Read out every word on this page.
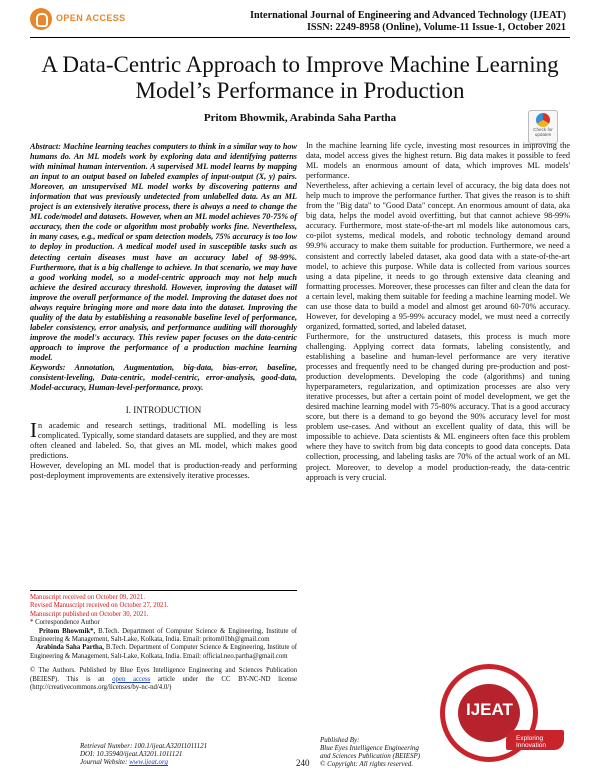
OPEN ACCESS	International Journal of Engineering and Advanced Technology (IJEAT)
ISSN: 2249-8958 (Online), Volume-11 Issue-1, October 2021
A Data-Centric Approach to Improve Machine Learning Model’s Performance in Production
Pritom Bhowmik, Arabinda Saha Partha
Check for updates
Abstract: Machine learning teaches computers to think in a similar way to how humans do. An ML models work by exploring data and identifying patterns with minimal human intervention. A supervised ML model learns by mapping an input to an output based on labeled examples of input-output (X, y) pairs. Moreover, an unsupervised ML model works by discovering patterns and information that was previously undetected from unlabelled data. As an ML project is an extensively iterative process, there is always a need to change the ML code/model and datasets. However, when an ML model achieves 70-75% of accuracy, then the code or algorithm most probably works fine. Nevertheless, in many cases, e.g., medical or spam detection models, 75% accuracy is too low to deploy in production. A medical model used in susceptible tasks such as detecting certain diseases must have an accuracy label of 98-99%. Furthermore, that is a big challenge to achieve. In that scenario, we may have a good working model, so a model-centric approach may not help much achieve the desired accuracy threshold. However, improving the dataset will improve the overall performance of the model. Improving the dataset does not always require bringing more and more data into the dataset. Improving the quality of the data by establishing a reasonable baseline level of performance, labeler consistency, error analysis, and performance auditing will thoroughly improve the model's accuracy. This review paper focuses on the data-centric approach to improve the performance of a production machine learning model.
Keywords: Annotation, Augmentation, big-data, bias-error, baseline, consistent-leveling, Data-centric, model-centric, error-analysis, good-data, Model-accuracy, Human-level-performance, proxy.
I. INTRODUCTION

In academic and research settings, traditional ML modelling is less complicated. Typically, some standard datasets are supplied, and they are most often cleaned and labeled. So, that gives an ML model, which makes good predictions.

However, developing an ML model that is production-ready and performing post-deployment improvements are extensively iterative processes.

Manuscript received on October 09, 2021.

Revised Manuscript received on October 27, 2021.

Manuscript published on October 30, 2021.

* Correspondence Author

Pritom Bhowmik*, B.Tech. Department of Computer Science & Engineering, Institute of Engineering & Management, Salt-Lake, Kolkata, India. Email: pritom01bh@gmail.com

Arabinda Saha Partha, B.Tech. Department of Computer Science & Engineering, Institute of Engineering & Management, Salt-Lake, Kolkata, India. Email: official.neo.partha@gmail.com

© The Authors. Published by Blue Eyes Intelligence Engineering and Sciences Publication (BEIESP). This is an open access article under the CC BY-NC-ND license (http://creativecommons.org/licenses/by-nc-nd/4.0/)

In the machine learning life cycle, investing most resources in improving the data, model access gives the highest return. Big data makes it possible to feed ML models an enormous amount of data, which improves ML models' performance.

Nevertheless, after achieving a certain level of accuracy, the big data does not help much to improve the performance further. That gives the reason is to shift from the "Big data" to "Good Data" concept. An enormous amount of data, aka big data, helps the model avoid overfitting, but that cannot achieve 98-99% accuracy. Furthermore, most state-of-the-art ml models like autonomous cars, co-pilot systems, medical models, and robotic technology demand around 99.9% accuracy to make them suitable for production. Furthermore, we need a consistent and correctly labeled dataset, aka good data with a state-of-the-art model, to achieve this purpose. While data is collected from various sources using a data pipeline, it needs to go through extensive data cleaning and formatting processes. Moreover, these processes can filter and clean the data for a certain level, making them suitable for feeding a machine learning model. We can use those data to build a model and almost get around 60-70% accuracy. However, for developing a 95-99% accuracy model, we must need a correctly organized, formatted, sorted, and labeled dataset.

Furthermore, for the unstructured datasets, this process is much more challenging. Applying correct data formats, labeling consistently, and establishing a baseline and human-level performance are very iterative processes and frequently need to be changed during pre-production and post-production developments. Developing the code (algorithms) and tuning hyperparameters, regularization, and optimization processes are also very iterative processes, but after a certain point of model development, we get the desired machine learning model with 75-80% accuracy. That is a good accuracy score, but there is a demand to go beyond the 90% accuracy level for most problem use-cases. And without an excellent quality of data, this will be impossible to achieve. Data scientists & ML engineers often face this problem where they have to switch from big data concepts to good data concepts. Data collection, processing, and labeling tasks are 70% of the actual work of an ML project. Moreover, to develop a model production-ready, the data-centric approach is very crucial.

Retrieval Number: 100.1/ijeat.A32011011121
DOI: 10.35940/ijeat.A3201.1011121
Journal Website: www.ijeat.org	240
Published By:
Blue Eyes Intelligence Engineering
and Sciences Publication (BEIESP)
© Copyright: All rights reserved.
IJEAT
Exploring Innovation
